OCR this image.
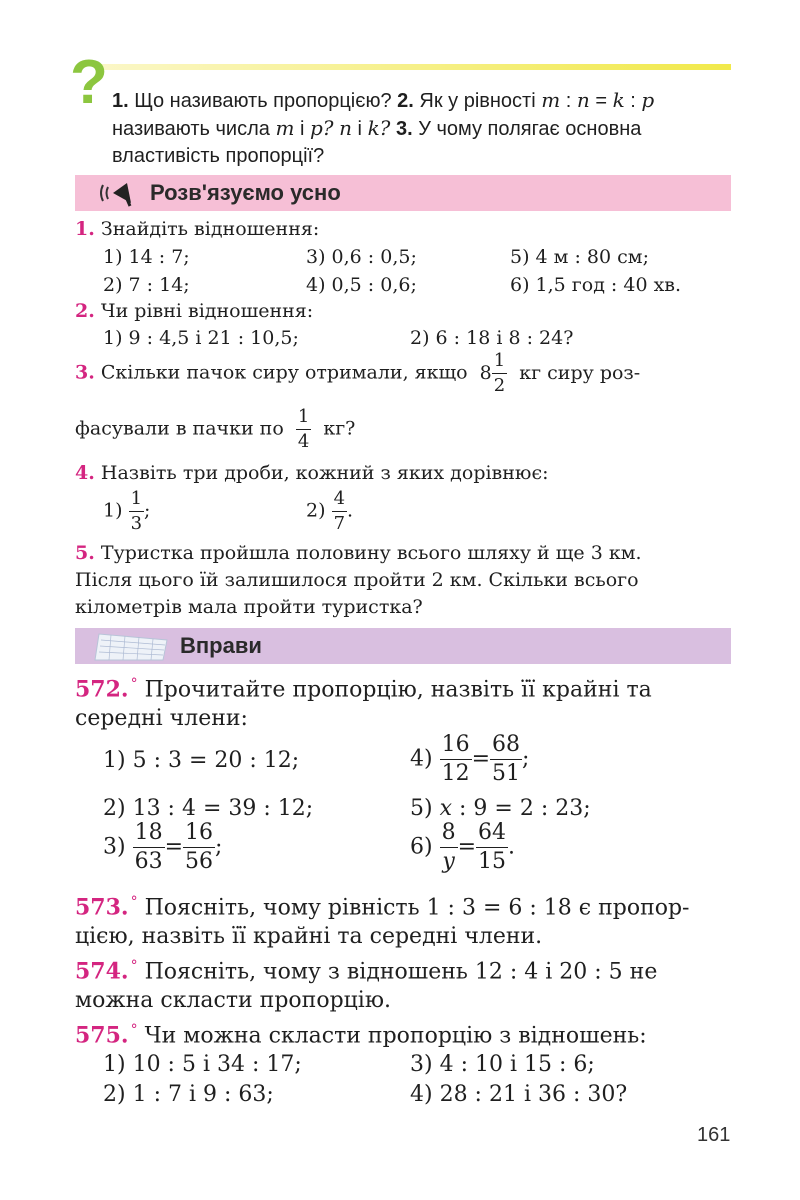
? 1. Що називають пропорцією? 2. Як у рівності m : n = k : p
називають числа m і p? n і k? 3. У чому полягає основна
властивість пропорції?
Розв'язуємо усно
1. Знайдіть відношення:
1) 14 : 7;	3) 0,6 : 0,5;	5) 4 м : 80 см;
2) 7 : 14;	4) 0,5 : 0,6;	6) 1,5 год : 40 хв.
2. Чи рівні відношення:
1) 9 : 4,5 і 21 : 10,5;	2) 6 : 18 і 8 : 24?
3. Скільки пачок сиру отримали, якщо $8 \frac{1}{2}$ кг сиру роз-
фасували в пачки по $\frac{1}{4}$ кг?
4. Назвіть три дроби, кожний з яких дорівнює:
$1) \frac{1}{3}$ ;	$2) \frac{4}{7}$ .
5. Туристка пройшла половину всього шляху й ще 3 км.
Після цього їй залишилося пройти 2 км. Скільки всього
кілометрів мала пройти туристка?
Вправи
572. ° Прочитайте пропорцію, назвіть її крайні та
середні члени:
1) 5 : 3 = 20 : 12;	$4) \frac{16}{12} = \frac{68}{51}$ ;
2) 13 : 4 = 39 : 12;	5) x : 9 = 2 : 23;
$3) \frac{18}{63} = \frac{16}{56}$ ;	$6) \frac{8}{y} = \frac{64}{15}$ .
573. ° Поясніть, чому рівність 1 : 3 = 6 : 18 є пропор-
цією, назвіть її крайні та середні члени.
574. ° Поясніть, чому з відношень 12 : 4 і 20 : 5 не
можна скласти пропорцію.
575. ° Чи можна скласти пропорцію з відношень:
1) 10 : 5 і 34 : 17;	3) 4 : 10 і 15 : 6;
2) 1 : 7 і 9 : 63;	4) 28 : 21 і 36 : 30?
161
